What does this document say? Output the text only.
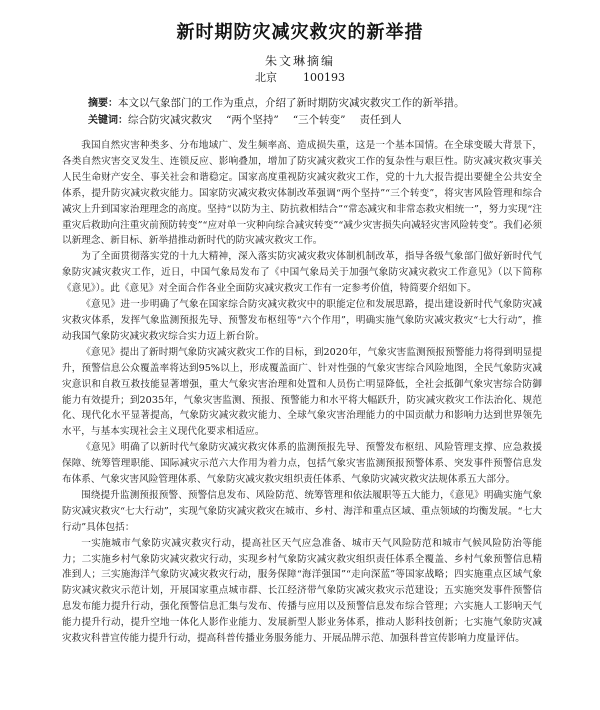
新时期防灾减灾救灾的新举措
朱文琳摘编
北京 100193
摘要：本文以气象部门的工作为重点，介绍了新时期防灾减灾救灾工作的新举措。
关键词：综合防灾减灾救灾 “两个坚持” “三个转变” 责任到人

我国自然灾害种类多、分布地域广、发生频率高、造成损失重，这是一个基本国情。在全球变暖大背景下，各类自然灾害交叉发生、连锁反应、影响叠加，增加了防灾减灾救灾工作的复杂性与艰巨性。防灾减灾救灾事关人民生命财产安全、事关社会和谐稳定。国家高度重视防灾减灾救灾工作，党的十九大报告提出要健全公共安全体系，提升防灾减灾救灾能力。国家防灾减灾救灾体制改革强调“两个坚持”“三个转变”，将灾害风险管理和综合减灾上升到国家治理理念的高度。坚持“以防为主、防抗救相结合”“常态减灾和非常态救灾相统一”，努力实现“注重灾后救助向注重灾前预防转变”“应对单一灾种向综合减灾转变”“减少灾害损失向减轻灾害风险转变”。我们必须以新理念、新目标、新举措推动新时代的防灾减灾救灾工作。

为了全面贯彻落实党的十九大精神，深入落实防灾减灾救灾体制机制改革，指导各级气象部门做好新时代气象防灾减灾救灾工作，近日，中国气象局发布了《中国气象局关于加强气象防灾减灾救灾工作意见》（以下简称《意见》）。此《意见》对全面合作各业全面防灾减灾救灾工作有一定参考价值，特简要介绍如下。

《意见》进一步明确了气象在国家综合防灾减灾救灾中的职能定位和发展思路，提出建设新时代气象防灾减灾救灾体系，发挥气象监测预报先导、预警发布枢纽等“六个作用”，明确实施气象防灾减灾救灾“七大行动”，推动我国气象防灾减灾救灾综合实力迈上新台阶。

《意见》提出了新时期气象防灾减灾救灾工作的目标，到2020年，气象灾害监测预报预警能力将得到明显提升，预警信息公众覆盖率将达到95%以上，形成覆盖面广、针对性强的气象灾害综合风险地图，全民气象防灾减灾意识和自救互救技能显著增强，重大气象灾害治理和处置和人员伤亡明显降低，全社会抵御气象灾害综合防御能力有效提升；到2035年，气象灾害监测、预报、预警能力和水平将大幅跃升，防灾减灾救灾工作法治化、规范化、现代化水平显著提高，气象防灾减灾救灾能力、全球气象灾害治理能力的中国贡献力和影响力达到世界领先水平，与基本实现社会主义现代化要求相适应。

《意见》明确了以新时代气象防灾减灾救灾体系的监测预报先导、预警发布枢纽、风险管理支撑、应急救援保障、统筹管理职能、国际减灾示范六大作用为着力点，包括气象灾害监测预报预警体系、突发事件预警信息发布体系、气象灾害风险管理体系、气象防灾减灾救灾组织责任体系、气象防灾减灾救灾法规体系五大部分。

围绕提升监测预报预警、预警信息发布、风险防范、统筹管理和依法履职等五大能力，《意见》明确实施气象防灾减灾救灾“七大行动”，实现气象防灾减灾救灾在城市、乡村、海洋和重点区域、重点领域的均衡发展。“七大行动”具体包括：

一实施城市气象防灾减灾救灾行动，提高社区天气应急准备、城市天气风险防范和城市气候风险防治等能力；二实施乡村气象防灾减灾救灾行动，实现乡村气象防灾减灾救灾组织责任体系全覆盖、乡村气象预警信息精准到人；三实施海洋气象防灾减灾救灾行动，服务保障“海洋强国”“走向深蓝”等国家战略；四实施重点区域气象防灾减灾救灾示范计划，开展国家重点城市群、长江经济带气象防灾减灾救灾示范建设；五实施突发事件预警信息发布能力提升行动，强化预警信息汇集与发布、传播与应用以及预警信息发布综合管理；六实施人工影响天气能力提升行动，提升空地一体化人影作业能力、发展新型人影业务体系，推动人影科技创新；七实施气象防灾减灾救灾科普宣传能力提升行动，提高科普传播业务服务能力、开展品牌示范、加强科普宣传影响力度量评估。
